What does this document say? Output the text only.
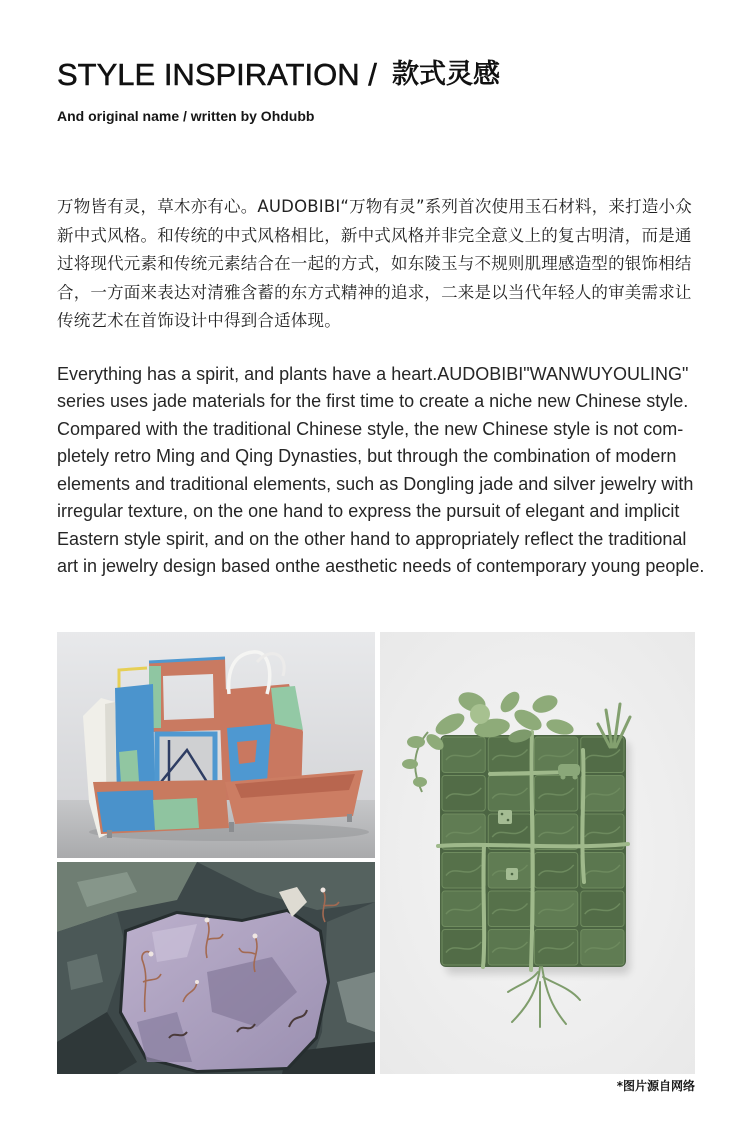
STYLE INSPIRATION / 款式灵感
And original name / written by Ohdubb
万物皆有灵，草木亦有心。AUDOBIBI“万物有灵”系列首次使用玉石材料，来打造小众
新中式风格。和传统的中式风格相比，新中式风格并非完全意义上的复古明清，而是通
过将现代元素和传统元素结合在一起的方式，如东陵玉与不规则肌理感造型的银饰相结
合，一方面来表达对清雅含蓄的东方式精神的追求，二来是以当代年轻人的审美需求让
传统艺术在首饰设计中得到合适体现。
Everything has a spirit, and plants have a heart.AUDOBIBI"WANWUYOULING"
series uses jade materials for the first time to create a niche new Chinese style.
Compared with the traditional Chinese style, the new Chinese style is not com-
pletely retro Ming and Qing Dynasties, but through the combination of modern
elements and traditional elements, such as Dongling jade and silver jewelry with
irregular texture, on the one hand to express the pursuit of elegant and implicit
Eastern style spirit, and on the other hand to appropriately reflect the traditional
art in jewelry design based onthe aesthetic needs of contemporary young people.
*图片源自网络
